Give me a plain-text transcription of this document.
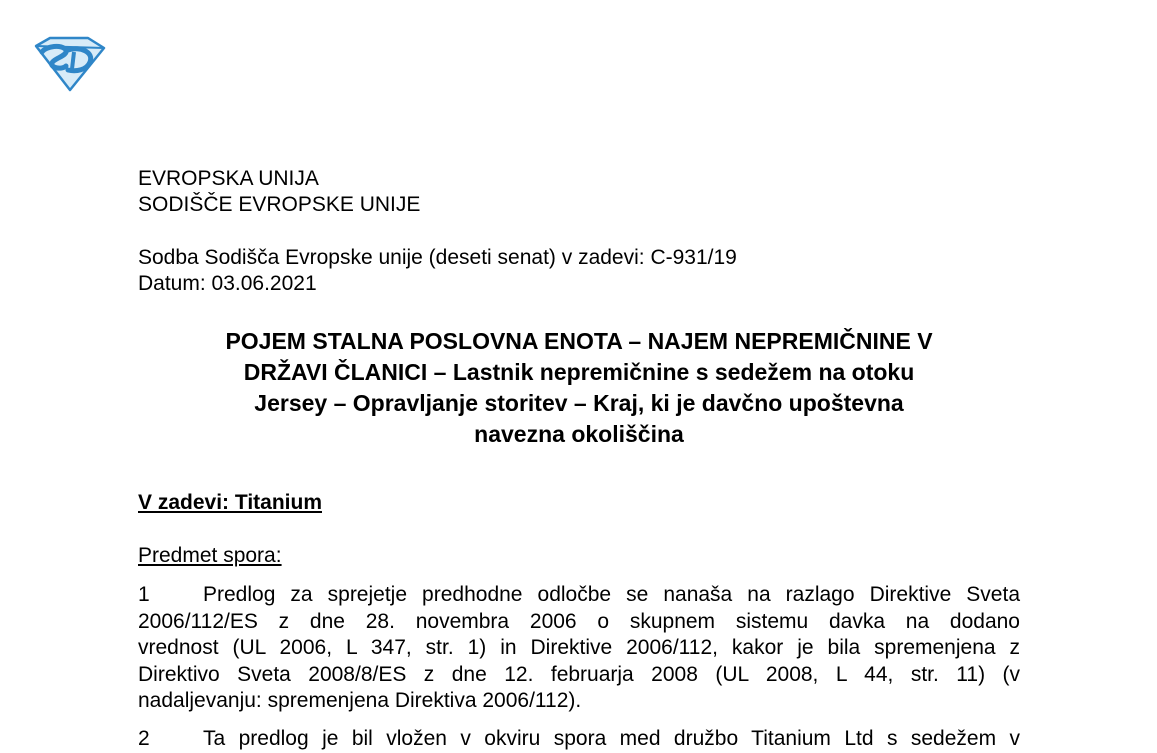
EVROPSKA UNIJA
SODIŠČE EVROPSKE UNIJE
Sodba Sodišča Evropske unije (deseti senat) v zadevi: C-931/19
Datum: 03.06.2021
POJEM STALNA POSLOVNA ENOTA – NAJEM NEPREMIČNINE V
DRŽAVI ČLANICI – Lastnik nepremičnine s sedežem na otoku
Jersey – Opravljanje storitev – Kraj, ki je davčno upoštevna
navezna okoliščina
V zadevi: Titanium
Predmet spora:
1	Predlog za sprejetje predhodne odločbe se nanaša na razlago Direktive Sveta
2006/112/ES z dne 28. novembra 2006 o skupnem sistemu davka na dodano
vrednost (UL 2006, L 347, str. 1) in Direktive 2006/112, kakor je bila spremenjena z
Direktivo Sveta 2008/8/ES z dne 12. februarja 2008 (UL 2008, L 44, str. 11) (v
nadaljevanju: spremenjena Direktiva 2006/112).
2	Ta predlog je bil vložen v okviru spora med družbo Titanium Ltd s sedežem v
